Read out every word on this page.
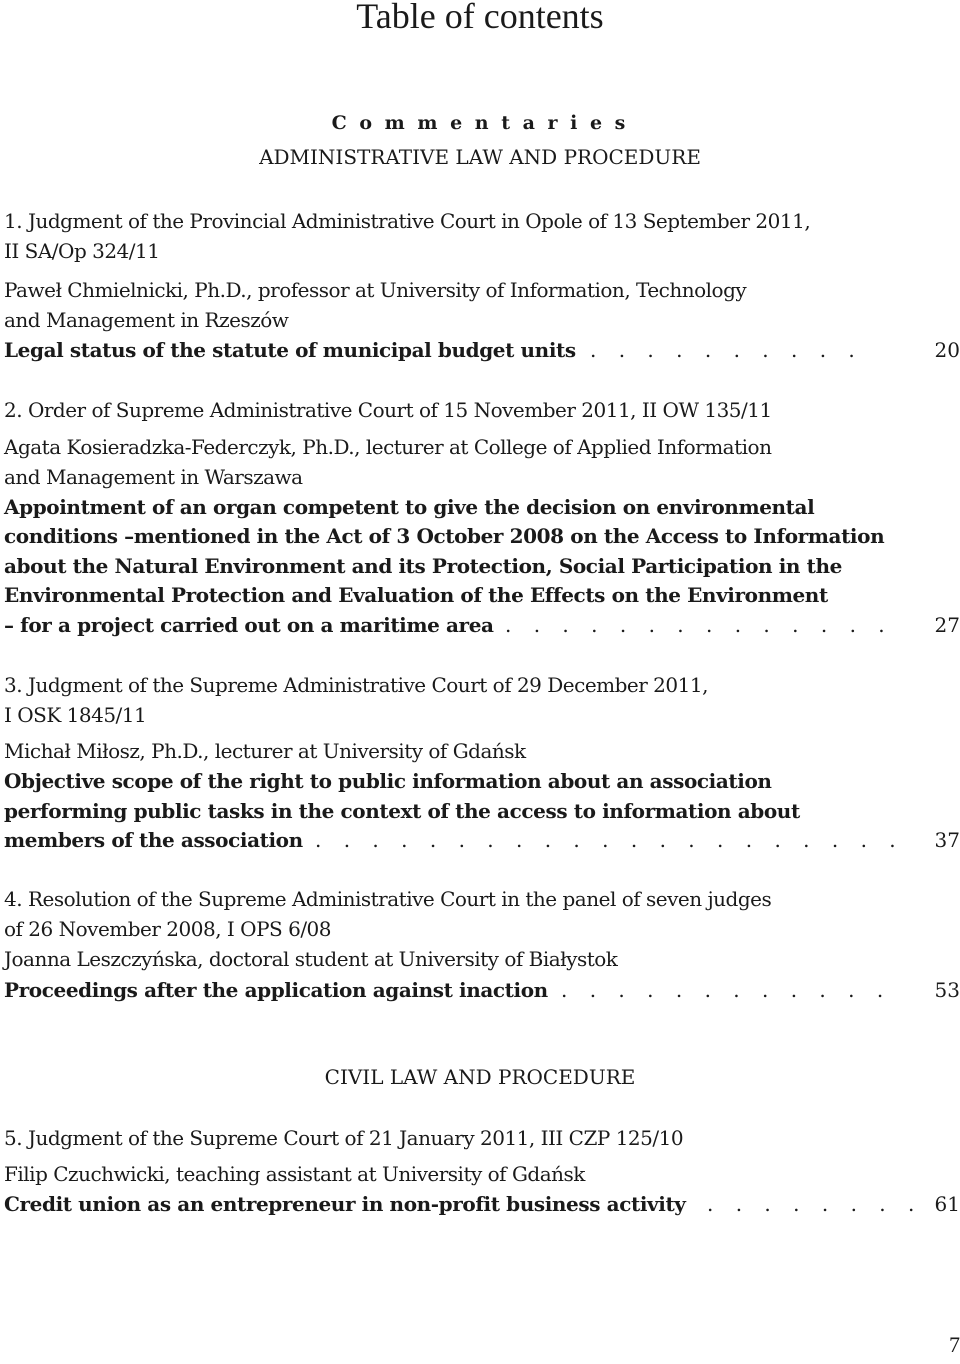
Table of contents
C o m m e n t a r i e s
ADMINISTRATIVE LAW AND PROCEDURE
1. Judgment of the Provincial Administrative Court in Opole of 13 September 2011,
II SA/Op 324/11
Paweł Chmielnicki, Ph.D., professor at University of Information, Technology
and Management in Rzeszów
Legal status of the statute of municipal budget units . . . . . . . . . .	20
2. Order of Supreme Administrative Court of 15 November 2011, II OW 135/11
Agata Kosieradzka-Federczyk, Ph.D., lecturer at College of Applied Information
and Management in Warszawa
Appointment of an organ competent to give the decision on environmental
conditions –mentioned in the Act of 3 October 2008 on the Access to Information
about the Natural Environment and its Protection, Social Participation in the
Environmental Protection and Evaluation of the Effects on the Environment
– for a project carried out on a maritime area . . . . . . . . . . . . . .	27
3. Judgment of the Supreme Administrative Court of 29 December 2011,
I OSK 1845/11
Michał Miłosz, Ph.D., lecturer at University of Gdańsk
Objective scope of the right to public information about an association
performing public tasks in the context of the access to information about
members of the association . . . . . . . . . . . . . . . . . . . . .	37
4. Resolution of the Supreme Administrative Court in the panel of seven judges
of 26 November 2008, I OPS 6/08
Joanna Leszczyńska, doctoral student at University of Białystok
Proceedings after the application against inaction . . . . . . . . . . . .	53
CIVIL LAW AND PROCEDURE
5. Judgment of the Supreme Court of 21 January 2011, III CZP 125/10
Filip Czuchwicki, teaching assistant at University of Gdańsk
Credit union as an entrepreneur in non-profit business activity . . . . . . . . 61
7
